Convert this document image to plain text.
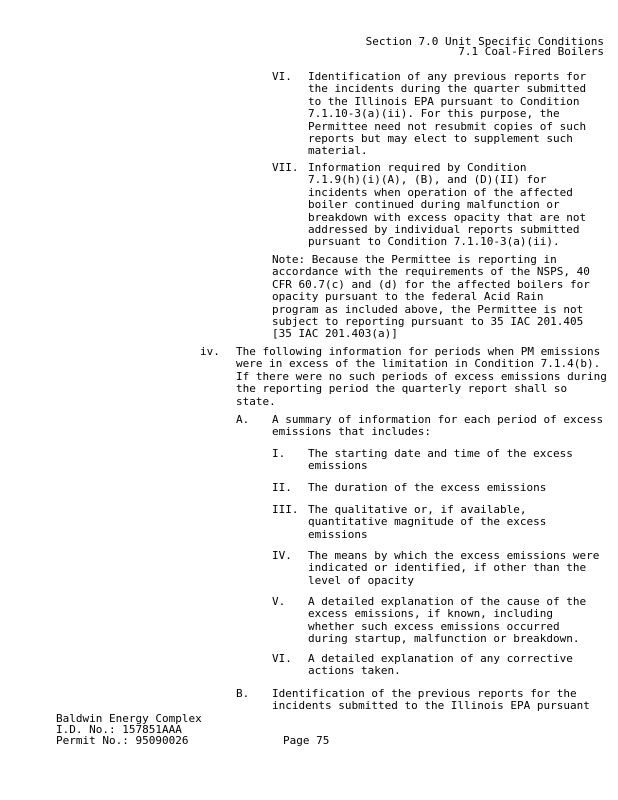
Section 7.0 Unit Specific Conditions
7.1 Coal-Fired Boilers
VI. Identification of any previous reports for
the incidents during the quarter submitted
to the Illinois EPA pursuant to Condition
7.1.10-3(a)(ii). For this purpose, the
Permittee need not resubmit copies of such
reports but may elect to supplement such
material.
VII. Information required by Condition
7.1.9(h)(i)(A), (B), and (D)(II) for
incidents when operation of the affected
boiler continued during malfunction or
breakdown with excess opacity that are not
addressed by individual reports submitted
pursuant to Condition 7.1.10-3(a)(ii).
Note: Because the Permittee is reporting in
accordance with the requirements of the NSPS, 40
CFR 60.7(c) and (d) for the affected boilers for
opacity pursuant to the federal Acid Rain
program as included above, the Permittee is not
subject to reporting pursuant to 35 IAC 201.405
[35 IAC 201.403(a)]
iv. The following information for periods when PM emissions
were in excess of the limitation in Condition 7.1.4(b).
If there were no such periods of excess emissions during
the reporting period the quarterly report shall so
state.
A. A summary of information for each period of excess
emissions that includes:
I. The starting date and time of the excess
emissions
II. The duration of the excess emissions
III. The qualitative or, if available,
quantitative magnitude of the excess
emissions
IV. The means by which the excess emissions were
indicated or identified, if other than the
level of opacity
V. A detailed explanation of the cause of the
excess emissions, if known, including
whether such excess emissions occurred
during startup, malfunction or breakdown.
VI. A detailed explanation of any corrective
actions taken.
B. Identification of the previous reports for the
incidents submitted to the Illinois EPA pursuant
Baldwin Energy Complex
I.D. No.: 157851AAA
Permit No.: 95090026	Page 75
